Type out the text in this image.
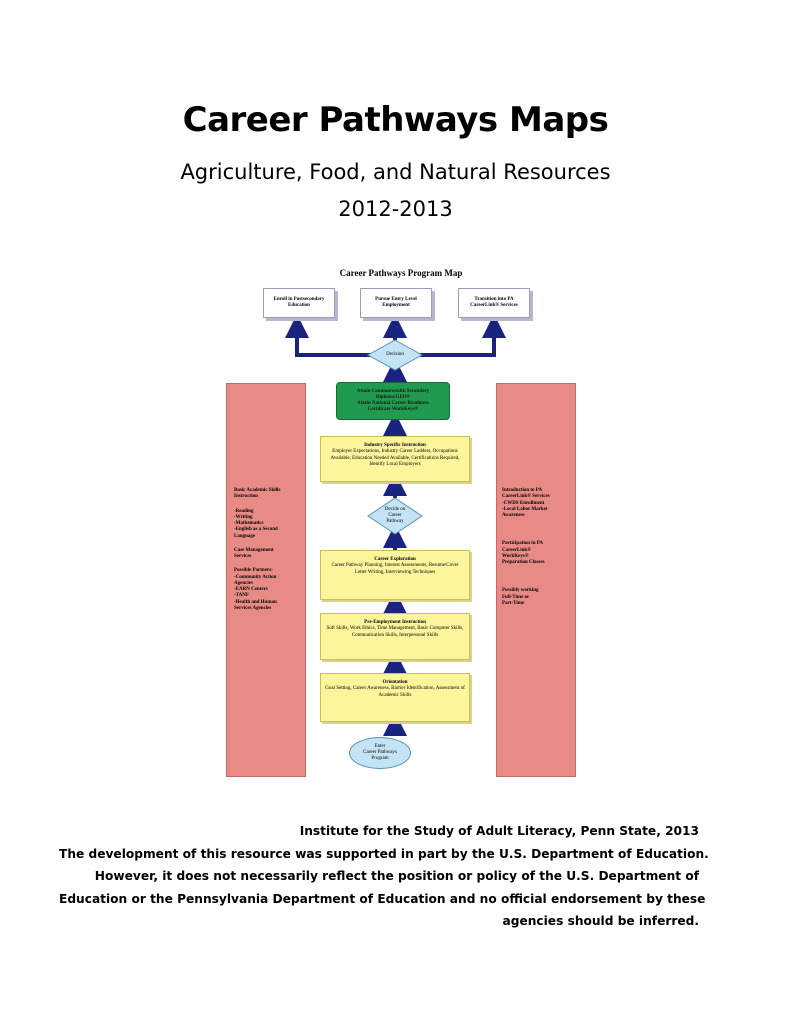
Career Pathways Maps
Agriculture, Food, and Natural Resources
2012-2013
Career Pathways Program Map
Enroll in Postsecondary Education
Pursue Entry Level Employment
Transition into PA CareerLink® Services
Decision

Basic Academic Skills
Instruction

-Reading
-Writing
-Mathematics
-English as a Second
Language

Case Management
Services

Possible Partners:
-Community Action
Agencies
-EARN Centers
-TANF
-Health and Human
Services Agencies

Introduction to PA
CareerLink® Services
-CWDS Enrollment
-Local Labor Market
Awareness

Participation in PA
CareerLink®
WorkKeys®
Preparation Classes

Possibly working
Full-Time or
Part-Time

Attain Commonwealth Secondary
Diploma/GED®
Attain National Career Readiness
Certificate WorkKeys®
Industry Specific Instruction
Employer Expectations, Industry Career Ladders, Occupations Available, Education Needed Available, Certifications Required, Identify Local Employers
Decide on
Career
Pathway
Career Exploration
Career Pathway Planning, Interest Assessments, Resume/Cover Letter Writing, Interviewing Techniques
Pre-Employment Instruction
Soft Skills, Work Ethics, Time Management, Basic Computer Skills, Communication Skills, Interpersonal Skills
Orientation
Goal Setting, Career Awareness, Barrier Identification, Assessment of Academic Skills
Enter
Career Pathways
Program
Institute for the Study of Adult Literacy, Penn State, 2013
The development of this resource was supported in part by the U.S. Department of Education.
However, it does not necessarily reflect the position or policy of the U.S. Department of
Education or the Pennsylvania Department of Education and no official endorsement by these
agencies should be inferred.
